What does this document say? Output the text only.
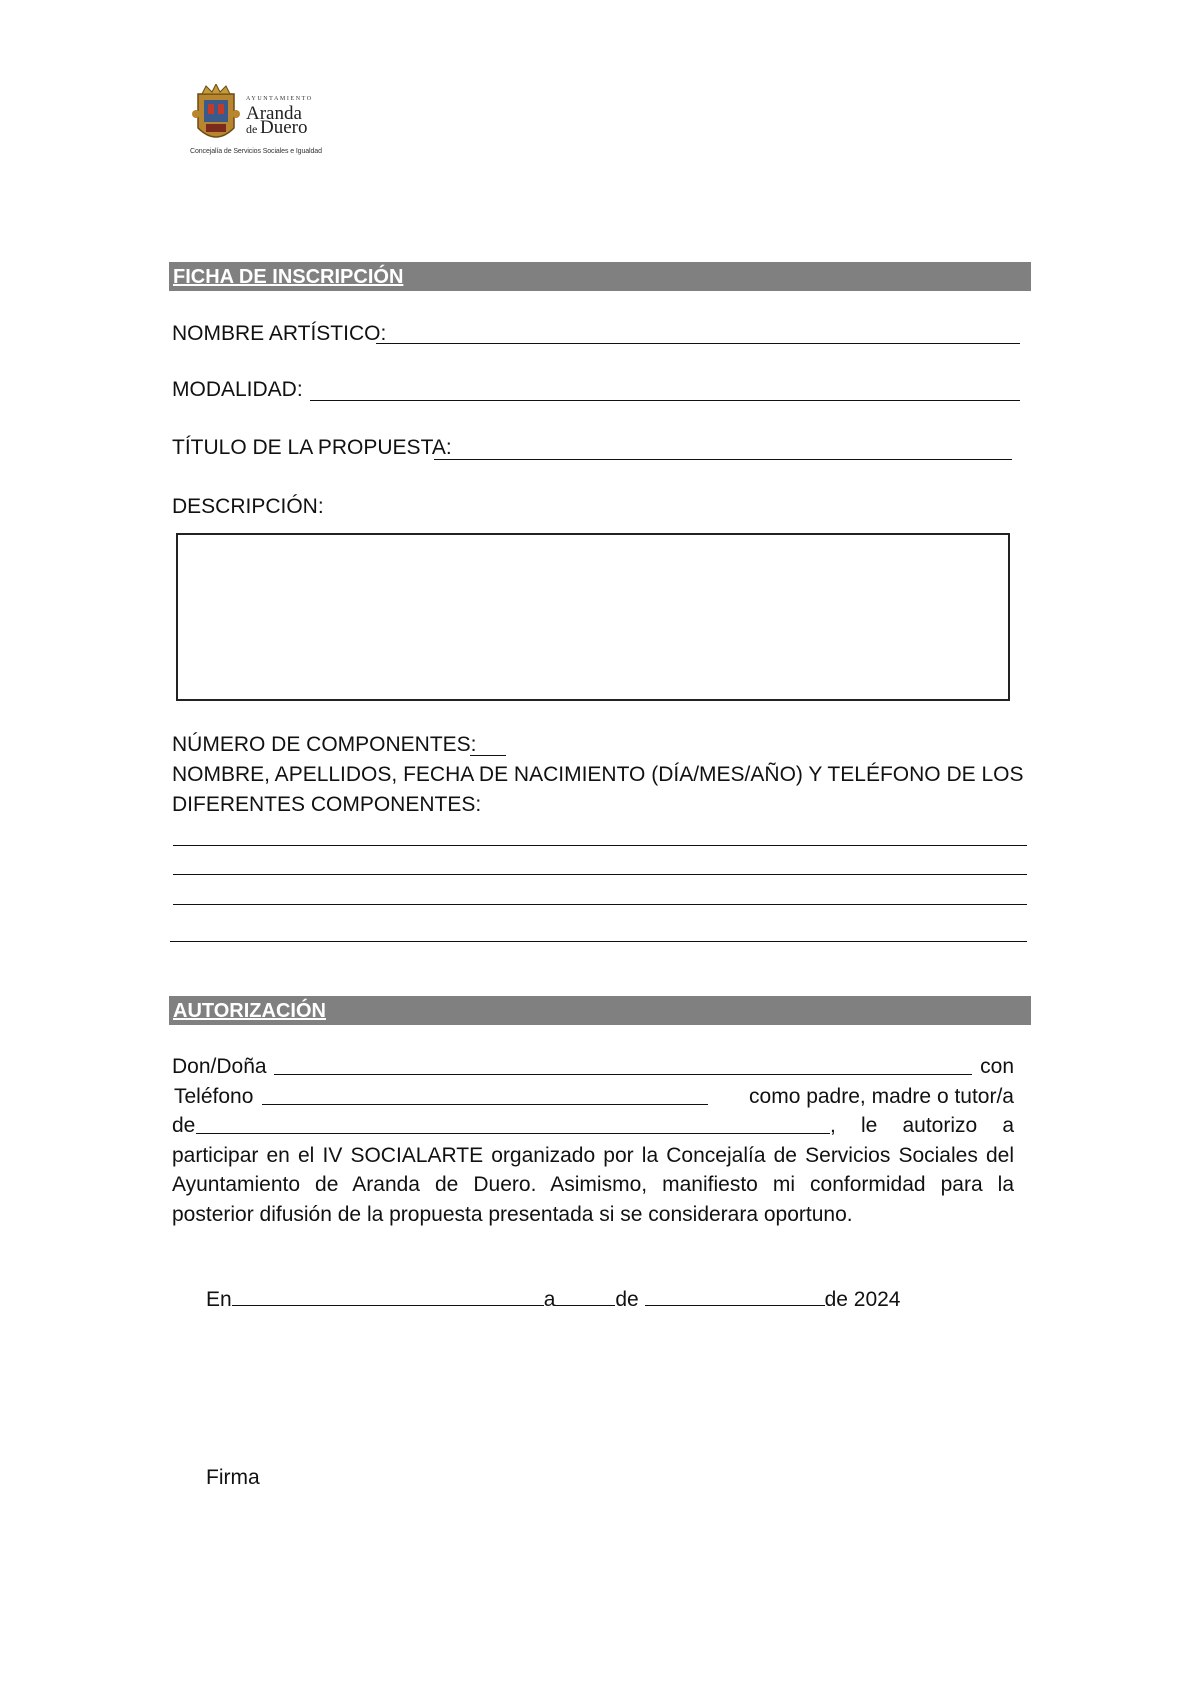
AYUNTAMIENTO
Aranda
de Duero
Concejalía de Servicios Sociales e Igualdad
FICHA DE INSCRIPCIÓN
NOMBRE ARTÍSTICO:
MODALIDAD:
TÍTULO DE LA PROPUESTA:
DESCRIPCIÓN:
NÚMERO DE COMPONENTES:
NOMBRE, APELLIDOS, FECHA DE NACIMIENTO (DÍA/MES/AÑO) Y TELÉFONO DE LOS
DIFERENTES COMPONENTES:
AUTORIZACIÓN
Don/Doña	con
Teléfono	como padre, madre o tutor/a
de	, le autorizo a
participar en el IV SOCIALARTE organizado por la Concejalía de Servicios Sociales del
Ayuntamiento de Aranda de Duero. Asimismo, manifiesto mi conformidad para la
posterior difusión de la propuesta presentada si se considerara oportuno.
En	a	de	de 2024
Firma
